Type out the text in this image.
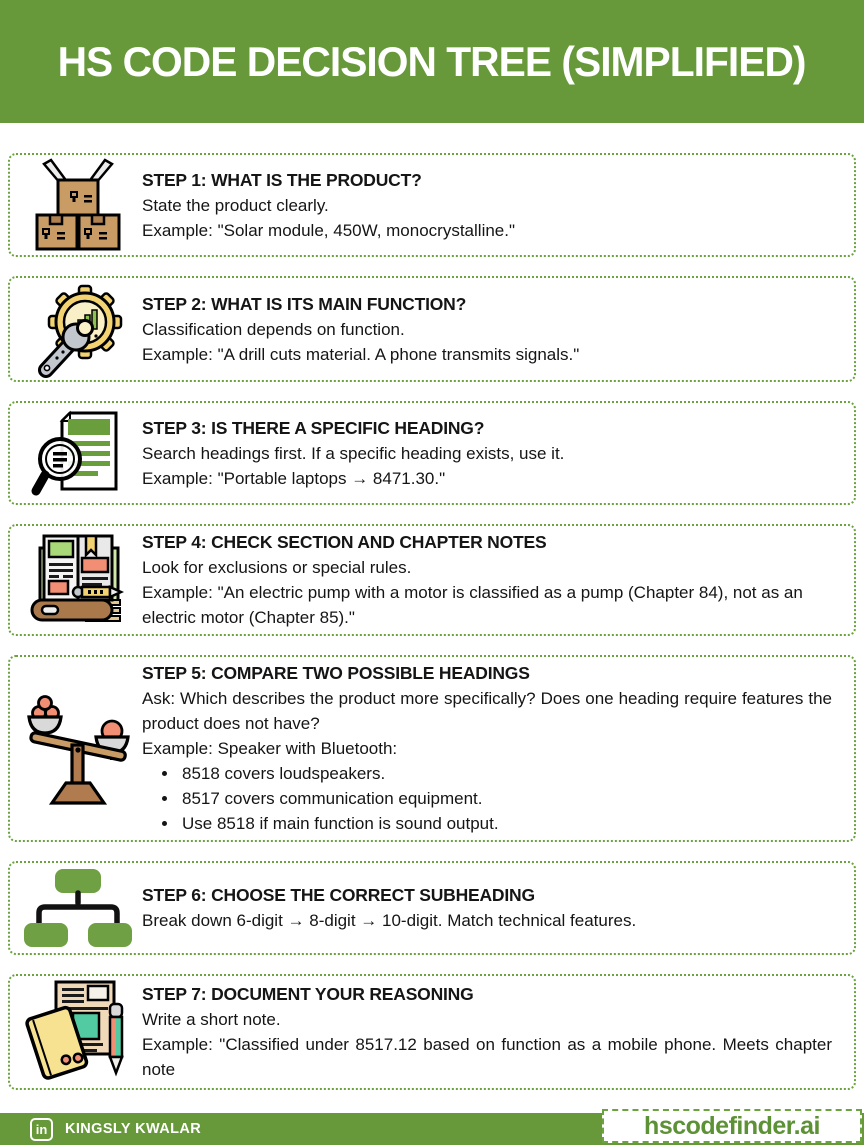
HS CODE DECISION TREE (SIMPLIFIED)
STEP 1: WHAT IS THE PRODUCT?
State the product clearly.
Example: "Solar module, 450W, monocrystalline."
STEP 2: WHAT IS ITS MAIN FUNCTION?
Classification depends on function.
Example: "A drill cuts material. A phone transmits signals."
STEP 3: IS THERE A SPECIFIC HEADING?
Search headings first. If a specific heading exists, use it.
Example: "Portable laptops → 8471.30."
STEP 4: CHECK SECTION AND CHAPTER NOTES
Look for exclusions or special rules.
Example: "An electric pump with a motor is classified as a pump (Chapter 84), not as an electric motor (Chapter 85)."
STEP 5: COMPARE TWO POSSIBLE HEADINGS
Ask: Which describes the product more specifically? Does one heading require features the product does not have?
Example: Speaker with Bluetooth:
• 8518 covers loudspeakers.
• 8517 covers communication equipment.
• Use 8518 if main function is sound output.
STEP 6: CHOOSE THE CORRECT SUBHEADING
Break down 6-digit → 8-digit → 10-digit. Match technical features.
STEP 7: DOCUMENT YOUR REASONING
Write a short note.
Example: "Classified under 8517.12 based on function as a mobile phone. Meets chapter note
in	KINGSLY KWALAR	hscodefinder.ai
